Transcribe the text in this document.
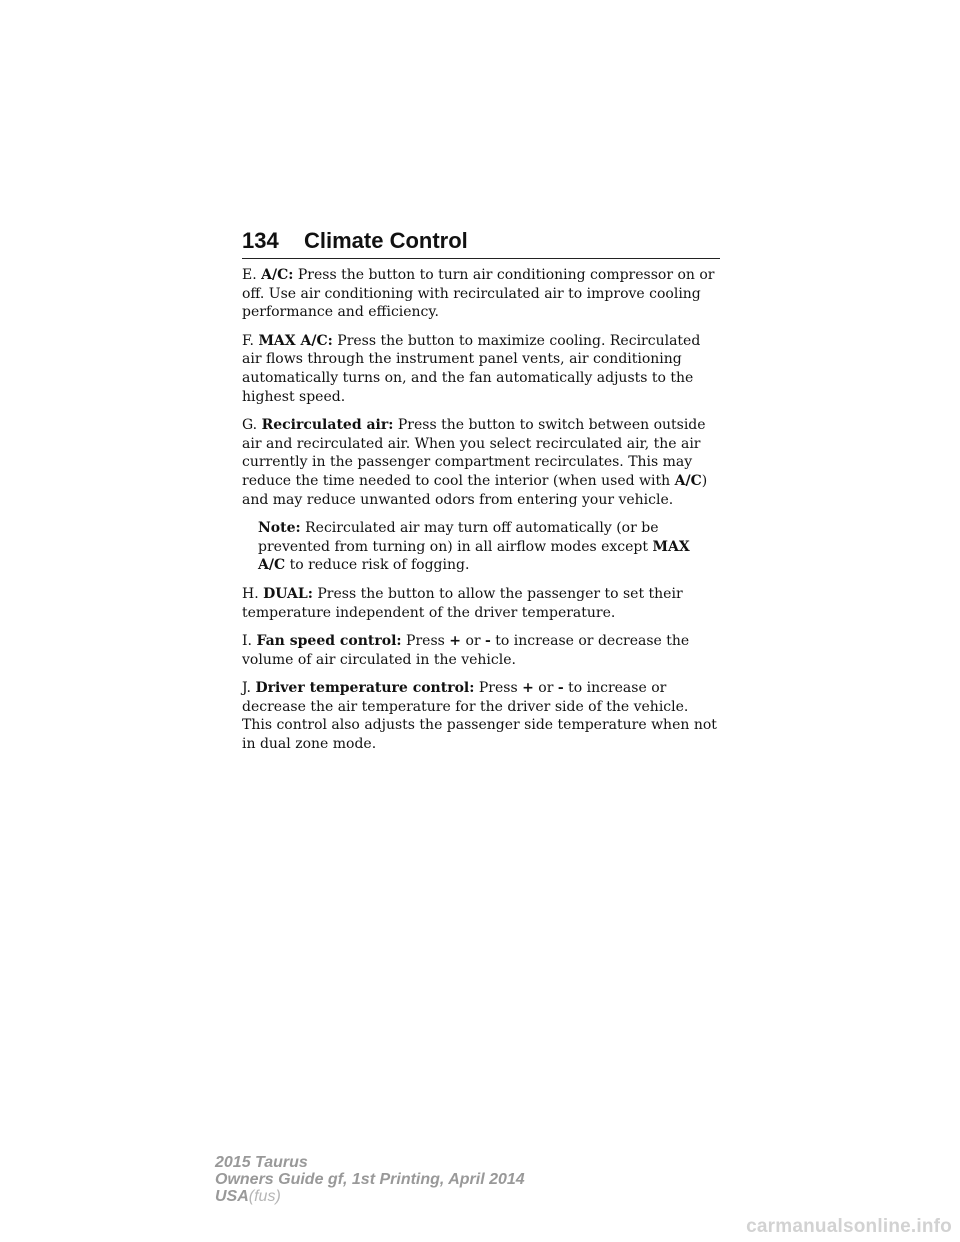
134 Climate Control

E. A/C: Press the button to turn air conditioning compressor on or off. Use air conditioning with recirculated air to improve cooling performance and efficiency.

F. MAX A/C: Press the button to maximize cooling. Recirculated air flows through the instrument panel vents, air conditioning automatically turns on, and the fan automatically adjusts to the highest speed.

G. Recirculated air: Press the button to switch between outside air and recirculated air. When you select recirculated air, the air currently in the passenger compartment recirculates. This may reduce the time needed to cool the interior (when used with A/C) and may reduce unwanted odors from entering your vehicle.

Note: Recirculated air may turn off automatically (or be prevented from turning on) in all airflow modes except MAX A/C to reduce risk of fogging.

H. DUAL: Press the button to allow the passenger to set their temperature independent of the driver temperature.

I. Fan speed control: Press + or - to increase or decrease the volume of air circulated in the vehicle.

J. Driver temperature control: Press + or - to increase or decrease the air temperature for the driver side of the vehicle. This control also adjusts the passenger side temperature when not in dual zone mode.

2015 Taurus
Owners Guide gf, 1st Printing, April 2014
USA(fus)
carmanualsonline.info
